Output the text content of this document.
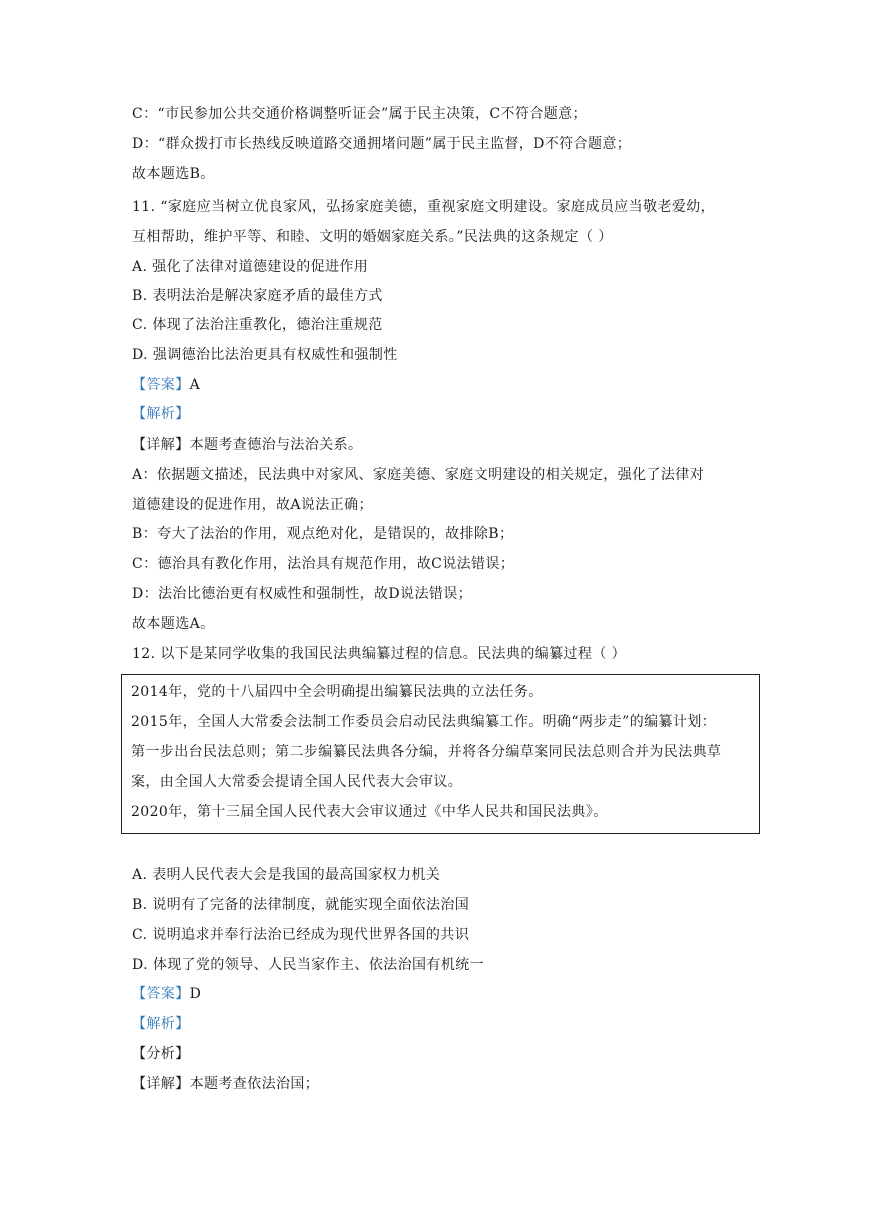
C：“市民参加公共交通价格调整听证会”属于民主决策，C不符合题意；
D：“群众拨打市长热线反映道路交通拥堵问题”属于民主监督，D不符合题意；
故本题选B。
11. “家庭应当树立优良家风，弘扬家庭美德，重视家庭文明建设。家庭成员应当敬老爱幼，
互相帮助，维护平等、和睦、文明的婚姻家庭关系。”民法典的这条规定（ ）
A. 强化了法律对道德建设的促进作用
B. 表明法治是解决家庭矛盾的最佳方式
C. 体现了法治注重教化，德治注重规范
D. 强调德治比法治更具有权威性和强制性
【答案】A
【解析】
【详解】本题考查德治与法治关系。
A：依据题文描述，民法典中对家风、家庭美德、家庭文明建设的相关规定，强化了法律对
道德建设的促进作用，故A说法正确；
B：夸大了法治的作用，观点绝对化，是错误的，故排除B；
C：德治具有教化作用，法治具有规范作用，故C说法错误；
D：法治比德治更有权威性和强制性，故D说法错误；
故本题选A。
12. 以下是某同学收集的我国民法典编纂过程的信息。民法典的编纂过程（ ）
2014年，党的十八届四中全会明确提出编纂民法典的立法任务。
2015年，全国人大常委会法制工作委员会启动民法典编纂工作。明确“两步走”的编纂计划：
第一步出台民法总则；第二步编纂民法典各分编，并将各分编草案同民法总则合并为民法典草
案，由全国人大常委会提请全国人民代表大会审议。
2020年，第十三届全国人民代表大会审议通过《中华人民共和国民法典》。
A. 表明人民代表大会是我国的最高国家权力机关
B. 说明有了完备的法律制度，就能实现全面依法治国
C. 说明追求并奉行法治已经成为现代世界各国的共识
D. 体现了党的领导、人民当家作主、依法治国有机统一
【答案】D
【解析】
【分析】
【详解】本题考查依法治国；
